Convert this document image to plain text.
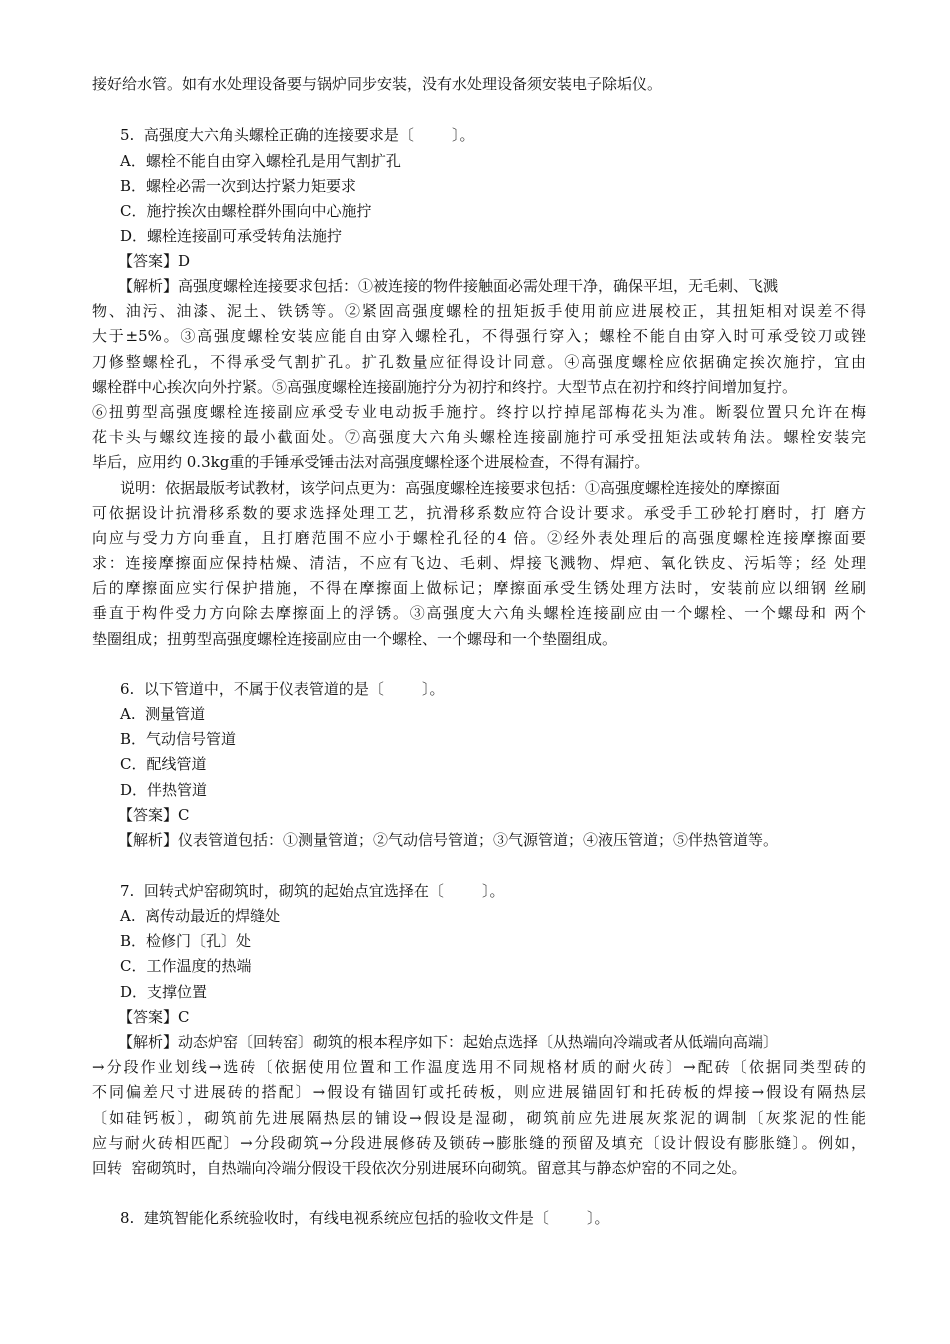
接好给水管。如有水处理设备要与锅炉同步安装，没有水处理设备须安装电子除垢仪。
5.  高强度大六角头螺栓正确的连接要求是〔        〕。
A．螺栓不能自由穿入螺栓孔是用气割扩孔
B．螺栓必需一次到达拧紧力矩要求
C．施拧挨次由螺栓群外围向中心施拧
D．螺栓连接副可承受转角法施拧
【答案】D
【解析】高强度螺栓连接要求包括：①被连接的物件接触面必需处理干净，确保平坦，无毛刺、飞溅
物、油污、油漆、泥土、铁锈等。②紧固高强度螺栓的扭矩扳手使用前应进展校正，其扭矩相对误差不得
大于±5%。③高强度螺栓安装应能自由穿入螺栓孔，不得强行穿入；螺栓不能自由穿入时可承受铰刀或锉
刀修整螺栓孔，不得承受气割扩孔。扩孔数量应征得设计同意。④高强度螺栓应依据确定挨次施拧，宜由
螺栓群中心挨次向外拧紧。⑤高强度螺栓连接副施拧分为初拧和终拧。大型节点在初拧和终拧间增加复拧。
⑥扭剪型高强度螺栓连接副应承受专业电动扳手施拧。终拧以拧掉尾部梅花头为准。断裂位置只允许在梅
花卡头与螺纹连接的最小截面处。⑦高强度大六角头螺栓连接副施拧可承受扭矩法或转角法。螺栓安装完
毕后，应用约 0.3kg重的手锤承受锤击法对高强度螺栓逐个进展检查，不得有漏拧。
说明：依据最版考试教材，该学问点更为：高强度螺栓连接要求包括：①高强度螺栓连接处的摩擦面
可依据设计抗滑移系数的要求选择处理工艺，抗滑移系数应符合设计要求。承受手工砂轮打磨时，打 磨方
向应与受力方向垂直，且打磨范围不应小于螺栓孔径的4 倍。②经外表处理后的高强度螺栓连接摩擦面要
求：连接摩擦面应保持枯燥、清洁，不应有飞边、毛刺、焊接飞溅物、焊疤、氧化铁皮、污垢等；经 处理
后的摩擦面应实行保护措施，不得在摩擦面上做标记；摩擦面承受生锈处理方法时，安装前应以细钢 丝刷
垂直于构件受力方向除去摩擦面上的浮锈。③高强度大六角头螺栓连接副应由一个螺栓、一个螺母和 两个
垫圈组成；扭剪型高强度螺栓连接副应由一个螺栓、一个螺母和一个垫圈组成。
6.  以下管道中，不属于仪表管道的是〔        〕。
A.  测量管道
B．气动信号管道
C．配线管道
D．伴热管道
【答案】C
【解析】仪表管道包括：①测量管道；②气动信号管道；③气源管道；④液压管道；⑤伴热管道等。
7.  回转式炉窑砌筑时，砌筑的起始点宜选择在〔        〕。
A.  离传动最近的焊缝处
B．检修门〔孔〕处
C．工作温度的热端
D．支撑位置
【答案】C
【解析】动态炉窑〔回转窑〕砌筑的根本程序如下：起始点选择〔从热端向冷端或者从低端向高端〕
→分段作业划线→选砖〔依据使用位置和工作温度选用不同规格材质的耐火砖〕→配砖〔依据同类型砖的
不同偏差尺寸进展砖的搭配〕→假设有锚固钉或托砖板，则应进展锚固钉和托砖板的焊接→假设有隔热层
〔如硅钙板〕，砌筑前先进展隔热层的铺设→假设是湿砌，砌筑前应先进展灰浆泥的调制〔灰浆泥的性能
应与耐火砖相匹配〕→分段砌筑→分段进展修砖及锁砖→膨胀缝的预留及填充〔设计假设有膨胀缝〕。例如，
回转  窑砌筑时，自热端向冷端分假设干段依次分别进展环向砌筑。留意其与静态炉窑的不同之处。
8.  建筑智能化系统验收时，有线电视系统应包括的验收文件是〔        〕。
